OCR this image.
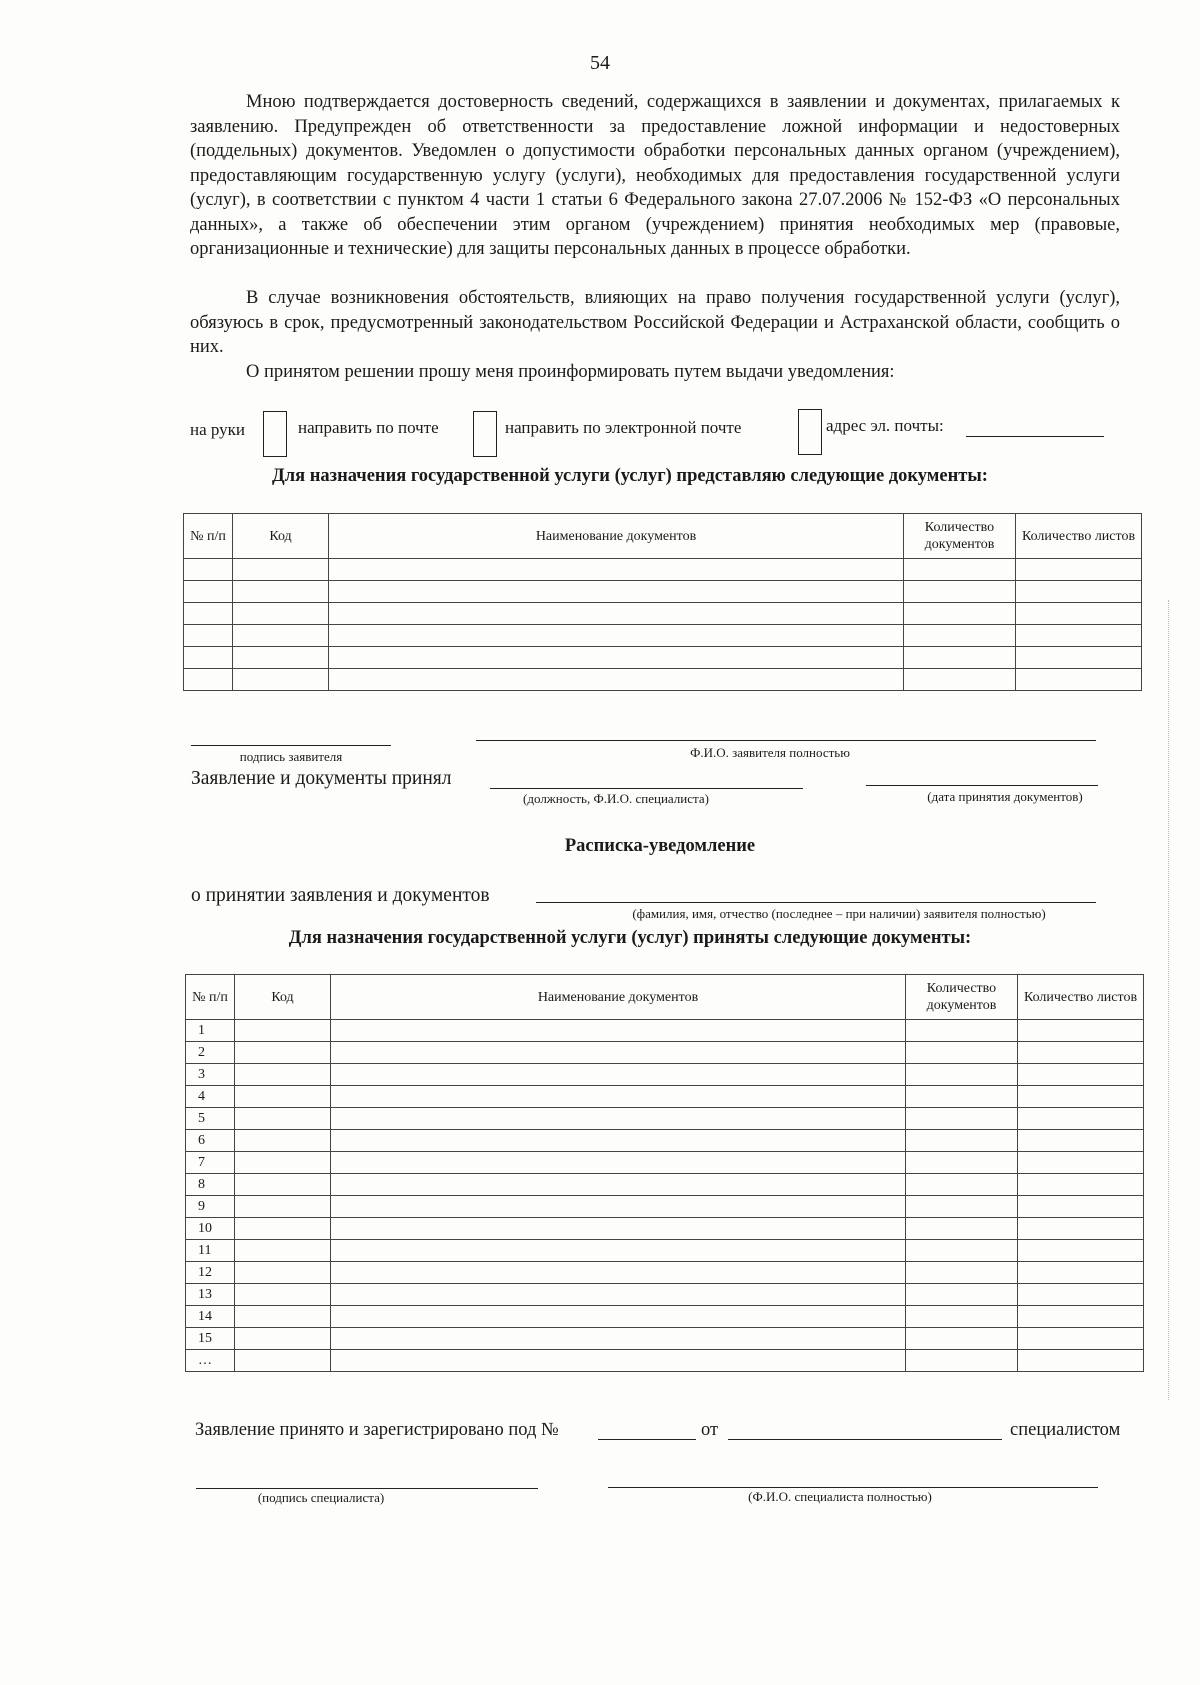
54

Мною подтверждается достоверность сведений, содержащихся в заявлении и документах, прилагаемых к заявлению. Предупрежден об ответственности за предоставление ложной информации и недостоверных (поддельных) документов. Уведомлен о допустимости обработки персональных данных органом (учреждением), предоставляющим государственную услугу (услуги), необходимых для предоставления государственной услуги (услуг), в соответствии с пунктом 4 части 1 статьи 6 Федерального закона 27.07.2006 № 152-ФЗ «О персональных данных», а также об обеспечении этим органом (учреждением) принятия необходимых мер (правовые, организационные и технические) для защиты персональных данных в процессе обработки.

В случае возникновения обстоятельств, влияющих на право получения государственной услуги (услуг), обязуюсь в срок, предусмотренный законодательством Российской Федерации и Астраханской области, сообщить о них.

О принятом решении прошу меня проинформировать путем выдачи уведомления:

на руки	направить по почте	направить по электронной почте	адрес эл. почты:
Для назначения государственной услуги (услуг) представляю следующие документы:
№ п/п	Код	Наименование документов	Количество документов	Количество листов

подпись заявителя	Ф.И.О. заявителя полностью
Заявление и документы принял
(должность, Ф.И.О. специалиста)	(дата принятия документов)
Расписка-уведомление
о принятии заявления и документов
(фамилия, имя, отчество (последнее – при наличии) заявителя полностью)
Для назначения государственной услуги (услуг) приняты следующие документы:
№ п/п	Код	Наименование документов	Количество документов	Количество листов
1				
2				
3				
4				
5				
6				
7				
8				
9				
10				
11				
12				
13				
14				
15				
…				
Заявление принято и зарегистрировано под №	от	специалистом
(подпись специалиста)	(Ф.И.О. специалиста полностью)
